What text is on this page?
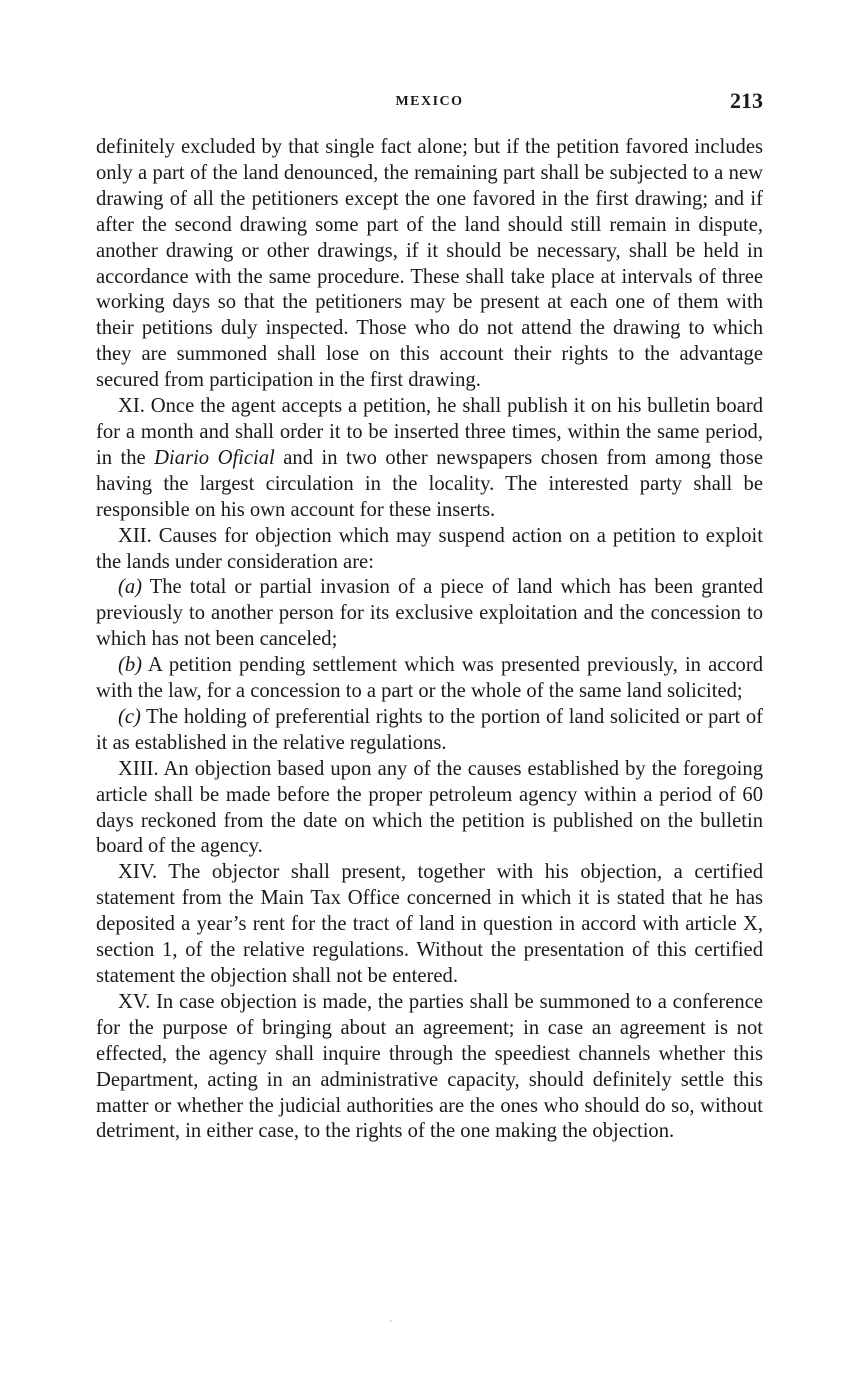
MEXICO	213

definitely excluded by that single fact alone; but if the petition favored includes only a part of the land denounced, the remaining part shall be subjected to a new drawing of all the petitioners except the one favored in the first drawing; and if after the second drawing some part of the land should still remain in dispute, another drawing or other drawings, if it should be necessary, shall be held in accordance with the same procedure. These shall take place at intervals of three working days so that the petitioners may be present at each one of them with their petitions duly inspected. Those who do not attend the drawing to which they are summoned shall lose on this account their rights to the advantage secured from participation in the first drawing.

XI. Once the agent accepts a petition, he shall publish it on his bulletin board for a month and shall order it to be inserted three times, within the same period, in the Diario Oficial and in two other newspapers chosen from among those having the largest circulation in the locality. The interested party shall be responsible on his own account for these inserts.

XII. Causes for objection which may suspend action on a petition to exploit the lands under consideration are:

(a) The total or partial invasion of a piece of land which has been granted previously to another person for its exclusive exploitation and the concession to which has not been canceled;

(b) A petition pending settlement which was presented previously, in accord with the law, for a concession to a part or the whole of the same land solicited;

(c) The holding of preferential rights to the portion of land solicited or part of it as established in the relative regulations.

XIII. An objection based upon any of the causes established by the foregoing article shall be made before the proper petroleum agency within a period of 60 days reckoned from the date on which the petition is published on the bulletin board of the agency.

XIV. The objector shall present, together with his objection, a certified statement from the Main Tax Office concerned in which it is stated that he has deposited a year’s rent for the tract of land in question in accord with article X, section 1, of the relative regulations. Without the presentation of this certified statement the objection shall not be entered.

XV. In case objection is made, the parties shall be summoned to a conference for the purpose of bringing about an agreement; in case an agreement is not effected, the agency shall inquire through the speediest channels whether this Department, acting in an administrative capacity, should definitely settle this matter or whether the judicial authorities are the ones who should do so, without detriment, in either case, to the rights of the one making the objection.
